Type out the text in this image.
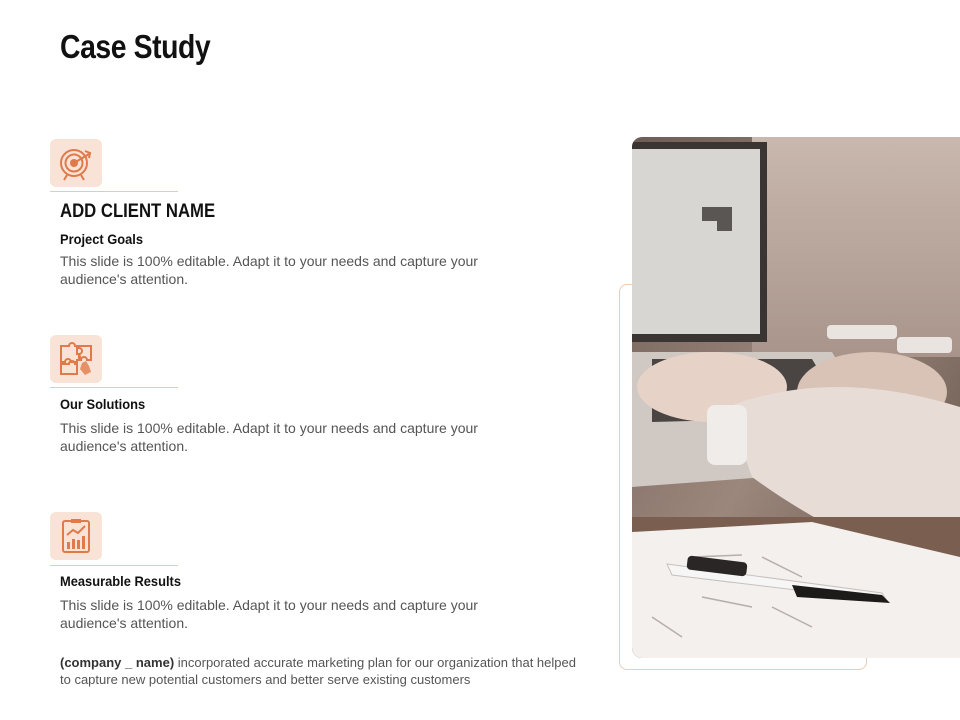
Case Study
ADD CLIENT NAME
Project Goals
This slide is 100% editable. Adapt it to your needs and capture your audience's attention.
Our Solutions
This slide is 100% editable. Adapt it to your needs and capture your audience's attention.
Measurable Results
This slide is 100% editable. Adapt it to your needs and capture your audience's attention.
(company _ name) incorporated accurate marketing plan for our organization that helped to capture new potential customers and better serve existing customers
